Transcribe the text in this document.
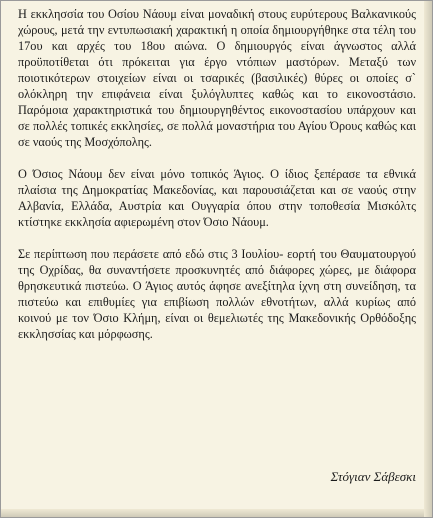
Η εκκλησσία του Οσίου Νάουμ είναι μοναδική στους ευρύτερους Βαλκανικούς χώρους, μετά την εντυπωσιακή χαρακτική η οποία δημιουργήθηκε στα τέλη του 17ου και αρχές του 18ου αιώνα. Ο δημιουργός είναι άγνωστος αλλά προϋποτίθεται ότι πρόκειται για έργο ντόπιων μαστόρων. Μεταξύ των ποιοτικότερων στοιχείων είναι οι τσαρικές (βασιλικές) θύρες οι οποίες σ` ολόκληρη την επιφάνεια είναι ξυλόγλυπτες καθώς και το εικονοστάσιο. Παρόμοια χαρακτηριστικά του δημιουργηθέντος εικονοστασίου υπάρχουν και σε πολλές τοπικές εκκλησίες, σε πολλά μοναστήρια του Αγίου Όρους καθώς και σε ναούς της Μοσχόπολης.

Ο Όσιος Νάουμ δεν είναι μόνο τοπικός Άγιος. Ο ίδιος ξεπέρασε τα εθνικά πλαίσια της Δημοκρατίας Μακεδονίας, και παρουσιάζεται και σε ναούς στην Αλβανία, Ελλάδα, Αυστρία και Ουγγαρία όπου στην τοποθεσία Μισκόλτς κτίστηκε εκκλησία αφιερωμένη στον Όσιο Νάουμ.

Σε περίπτωση που περάσετε από εδώ στις 3 Ιουλίου- εορτή του Θαυματουργού της Οχρίδας, θα συναντήσετε προσκυνητές από διάφορες χώρες, με διάφορα θρησκευτικά πιστεύω. Ο Άγιος αυτός άφησε ανεξίτηλα ίχνη στη συνείδηση, τα πιστεύω και επιθυμίες για επιβίωση πολλών εθνοτήτων, αλλά κυρίως από κοινού με τον Όσιο Κλήμη, είναι οι θεμελιωτές της Μακεδονικής Ορθόδοξης εκκλησσίας και μόρφωσης.

Στόγιαν Σάβεσκι
